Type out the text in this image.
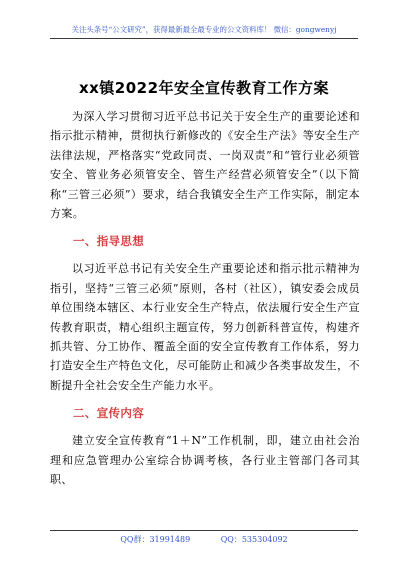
关注头条号“公文研究”，获得最新最全最专业的公文资料库！ 微信：gongwenyj
xx镇2022年安全宣传教育工作方案

为深入学习贯彻习近平总书记关于安全生产的重要论述和指示批示精神，贯彻执行新修改的《安全生产法》等安全生产法律法规，严格落实“党政同责、一岗双责”和“管行业必须管安全、管业务必须管安全、管生产经营必须管安全”（以下简称“三管三必须”）要求，结合我镇安全生产工作实际，制定本方案。

一、指导思想

以习近平总书记有关安全生产重要论述和指示批示精神为指引，坚持“三管三必须”原则，各村（社区），镇安委会成员单位围绕本辖区、本行业安全生产特点，依法履行安全生产宣传教育职责，精心组织主题宣传，努力创新科普宣传，构建齐抓共管、分工协作、覆盖全面的安全宣传教育工作体系，努力打造安全生产特色文化，尽可能防止和减少各类事故发生，不断提升全社会安全生产能力水平。

二、宣传内容

建立安全宣传教育“1＋N”工作机制，即，建立由社会治理和应急管理办公室综合协调考核，各行业主管部门各司其职、

QQ群：31991489	QQ：535304092
